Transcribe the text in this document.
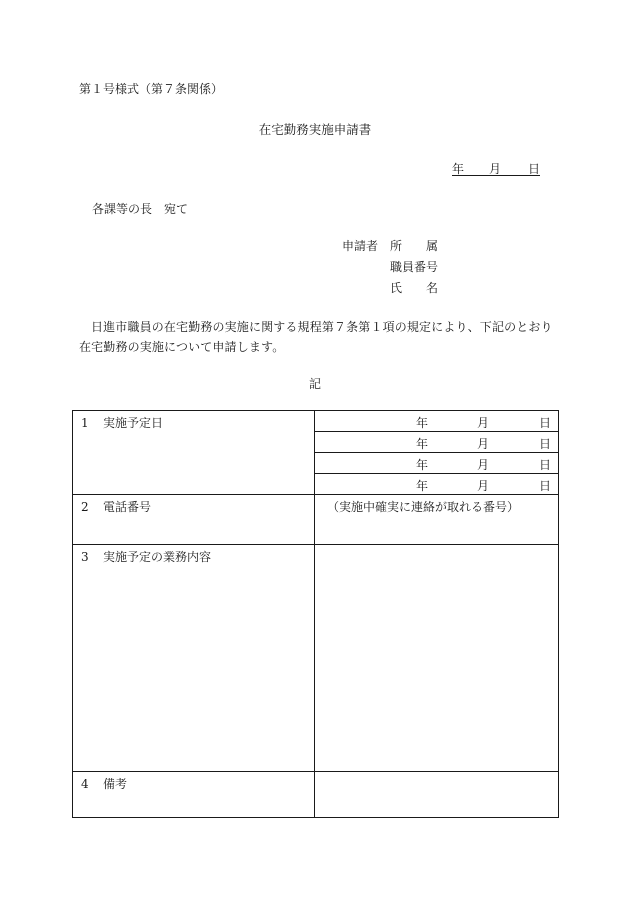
第１号様式（第７条関係）
在宅勤務実施申請書
年 月 日

各課等の長　宛て
申請者 所　　属
職員番号
氏　　名
日進市職員の在宅勤務の実施に関する規程第７条第１項の規定により、下記のとおり在宅勤務の実施について申請します。
記
1 実施予定日	年 月 日

	年 月 日

	年 月 日

	年 月 日

2 電話番号	（実施中確実に連絡が取れる番号）
3 実施予定の業務内容	
4 備考	
